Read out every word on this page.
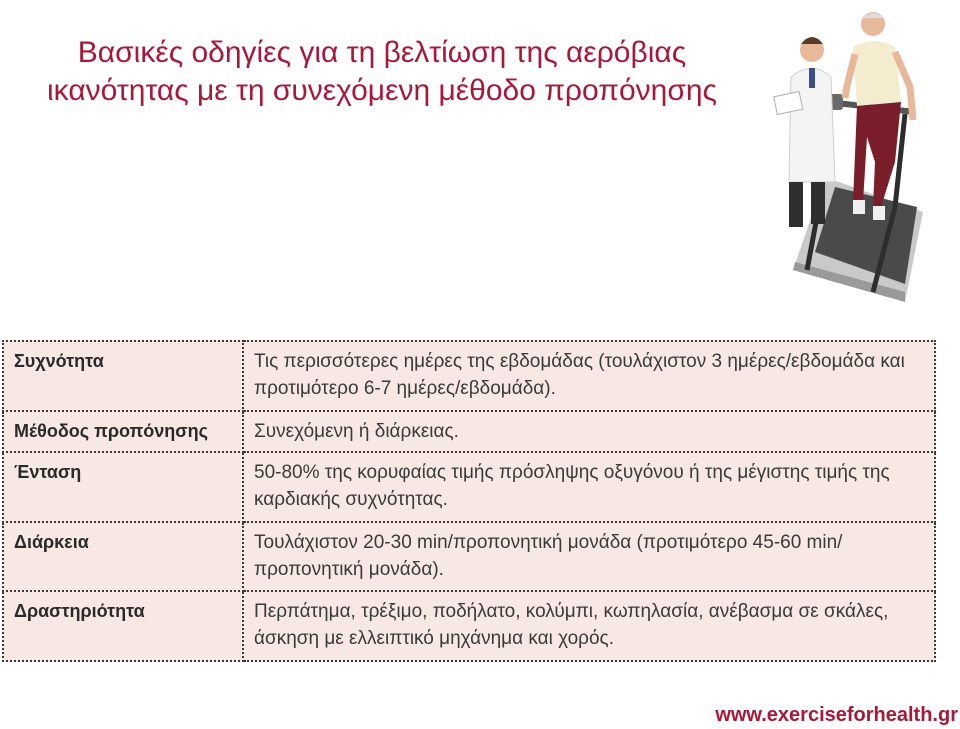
Βασικές οδηγίες για τη βελτίωση της αερόβιας
ικανότητας με τη συνεχόμενη μέθοδο προπόνησης
Συχνότητα	Τις περισσότερες ημέρες της εβδομάδας (τουλάχιστον 3 ημέρες/εβδομάδα και προτιμότερο 6-7 ημέρες/εβδομάδα).
Μέθοδος προπόνησης	Συνεχόμενη ή διάρκειας.
Ένταση	50-80% της κορυφαίας τιμής πρόσληψης οξυγόνου ή της μέγιστης τιμής της καρδιακής συχνότητας.
Διάρκεια	Τουλάχιστον 20-30 min/προπονητική μονάδα (προτιμότερο 45-60 min/ προπονητική μονάδα).
Δραστηριότητα	Περπάτημα, τρέξιμο, ποδήλατο, κολύμπι, κωπηλασία, ανέβασμα σε σκάλες, άσκηση με ελλειπτικό μηχάνημα και χορός.
www.exerciseforhealth.gr
